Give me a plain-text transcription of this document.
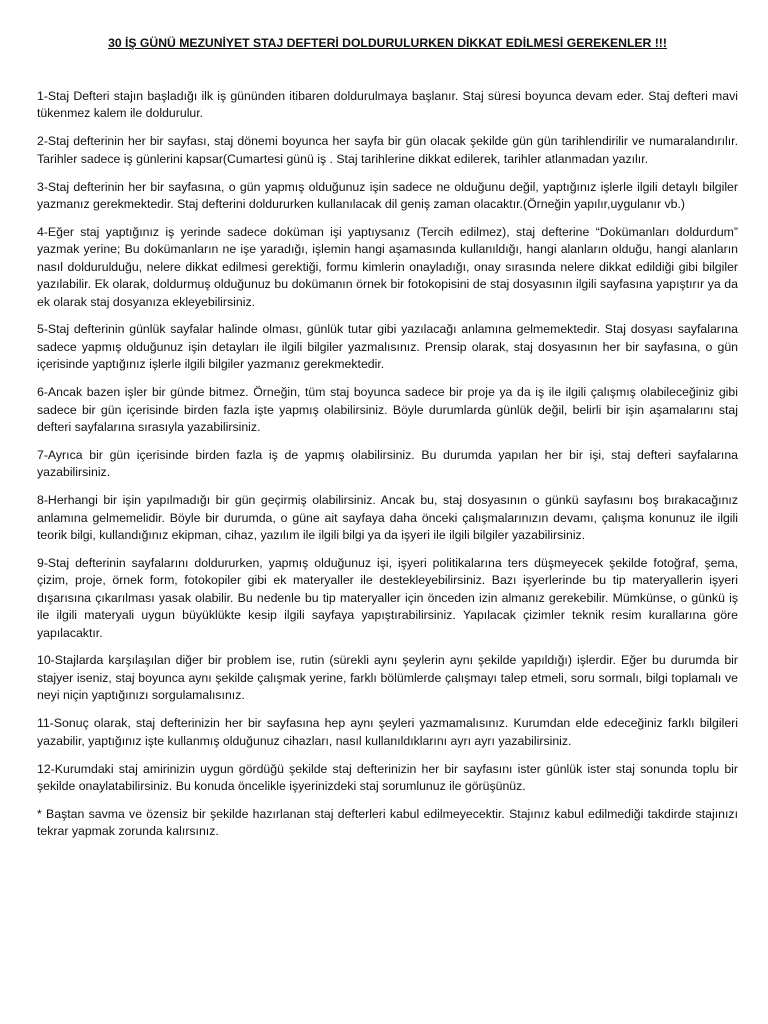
30 İŞ GÜNÜ MEZUNİYET STAJ DEFTERİ DOLDURULURKEN DİKKAT EDİLMESİ GEREKENLER !!!

1-Staj Defteri stajın başladığı ilk iş gününden itibaren doldurulmaya başlanır. Staj süresi boyunca devam eder. Staj defteri mavi tükenmez kalem ile doldurulur.

2-Staj defterinin her bir sayfası, staj dönemi boyunca her sayfa bir gün olacak şekilde gün gün tarihlendirilir ve numaralandırılır. Tarihler sadece iş günlerini kapsar(Cumartesi günü iş . Staj tarihlerine dikkat edilerek, tarihler atlanmadan yazılır.

3-Staj defterinin her bir sayfasına, o gün yapmış olduğunuz işin sadece ne olduğunu değil, yaptığınız işlerle ilgili detaylı bilgiler yazmanız gerekmektedir. Staj defterini doldururken kullanılacak dil geniş zaman olacaktır.(Örneğin yapılır,uygulanır vb.)

4-Eğer staj yaptığınız iş yerinde sadece doküman işi yaptıysanız (Tercih edilmez), staj defterine “Dokümanları doldurdum” yazmak yerine; Bu dokümanların ne işe yaradığı, işlemin hangi aşamasında kullanıldığı, hangi alanların olduğu, hangi alanların nasıl doldurulduğu, nelere dikkat edilmesi gerektiği, formu kimlerin onayladığı, onay sırasında nelere dikkat edildiği gibi bilgiler yazılabilir. Ek olarak, doldurmuş olduğunuz bu dokümanın örnek bir fotokopisini de staj dosyasının ilgili sayfasına yapıştırır ya da ek olarak staj dosyanıza ekleyebilirsiniz.

5-Staj defterinin günlük sayfalar halinde olması, günlük tutar gibi yazılacağı anlamına gelmemektedir. Staj dosyası sayfalarına sadece yapmış olduğunuz işin detayları ile ilgili bilgiler yazmalısınız. Prensip olarak, staj dosyasının her bir sayfasına, o gün içerisinde yaptığınız işlerle ilgili bilgiler yazmanız gerekmektedir.

6-Ancak bazen işler bir günde bitmez. Örneğin, tüm staj boyunca sadece bir proje ya da iş ile ilgili çalışmış olabileceğiniz gibi sadece bir gün içerisinde birden fazla işte yapmış olabilirsiniz. Böyle durumlarda günlük değil, belirli bir işin aşamalarını staj defteri sayfalarına sırasıyla yazabilirsiniz.

7-Ayrıca bir gün içerisinde birden fazla iş de yapmış olabilirsiniz. Bu durumda yapılan her bir işi, staj defteri sayfalarına yazabilirsiniz.

8-Herhangi bir işin yapılmadığı bir gün geçirmiş olabilirsiniz. Ancak bu, staj dosyasının o günkü sayfasını boş bırakacağınız anlamına gelmemelidir. Böyle bir durumda, o güne ait sayfaya daha önceki çalışmalarınızın devamı, çalışma konunuz ile ilgili teorik bilgi, kullandığınız ekipman, cihaz, yazılım ile ilgili bilgi ya da işyeri ile ilgili bilgiler yazabilirsiniz.

9-Staj defterinin sayfalarını doldururken, yapmış olduğunuz işi, işyeri politikalarına ters düşmeyecek şekilde fotoğraf, şema, çizim, proje, örnek form, fotokopiler gibi ek materyaller ile destekleyebilirsiniz. Bazı işyerlerinde bu tip materyallerin işyeri dışarısına çıkarılması yasak olabilir. Bu nedenle bu tip materyaller için önceden izin almanız gerekebilir. Mümkünse, o günkü iş ile ilgili materyali uygun büyüklükte kesip ilgili sayfaya yapıştırabilirsiniz. Yapılacak çizimler teknik resim kurallarına göre yapılacaktır.

10-Stajlarda karşılaşılan diğer bir problem ise, rutin (sürekli aynı şeylerin aynı şekilde yapıldığı) işlerdir. Eğer bu durumda bir stajyer iseniz, staj boyunca aynı şekilde çalışmak yerine, farklı bölümlerde çalışmayı talep etmeli, soru sormalı, bilgi toplamalı ve neyi niçin yaptığınızı sorgulamalısınız.

11-Sonuç olarak, staj defterinizin her bir sayfasına hep aynı şeyleri yazmamalısınız. Kurumdan elde edeceğiniz farklı bilgileri yazabilir, yaptığınız işte kullanmış olduğunuz cihazları, nasıl kullanıldıklarını ayrı ayrı yazabilirsiniz.

12-Kurumdaki staj amirinizin uygun gördüğü şekilde staj defterinizin her bir sayfasını ister günlük ister staj sonunda toplu bir şekilde onaylatabilirsiniz. Bu konuda öncelikle işyerinizdeki staj sorumlunuz ile görüşünüz.

* Baştan savma ve özensiz bir şekilde hazırlanan staj defterleri kabul edilmeyecektir. Stajınız kabul edilmediği takdirde stajınızı tekrar yapmak zorunda kalırsınız.
